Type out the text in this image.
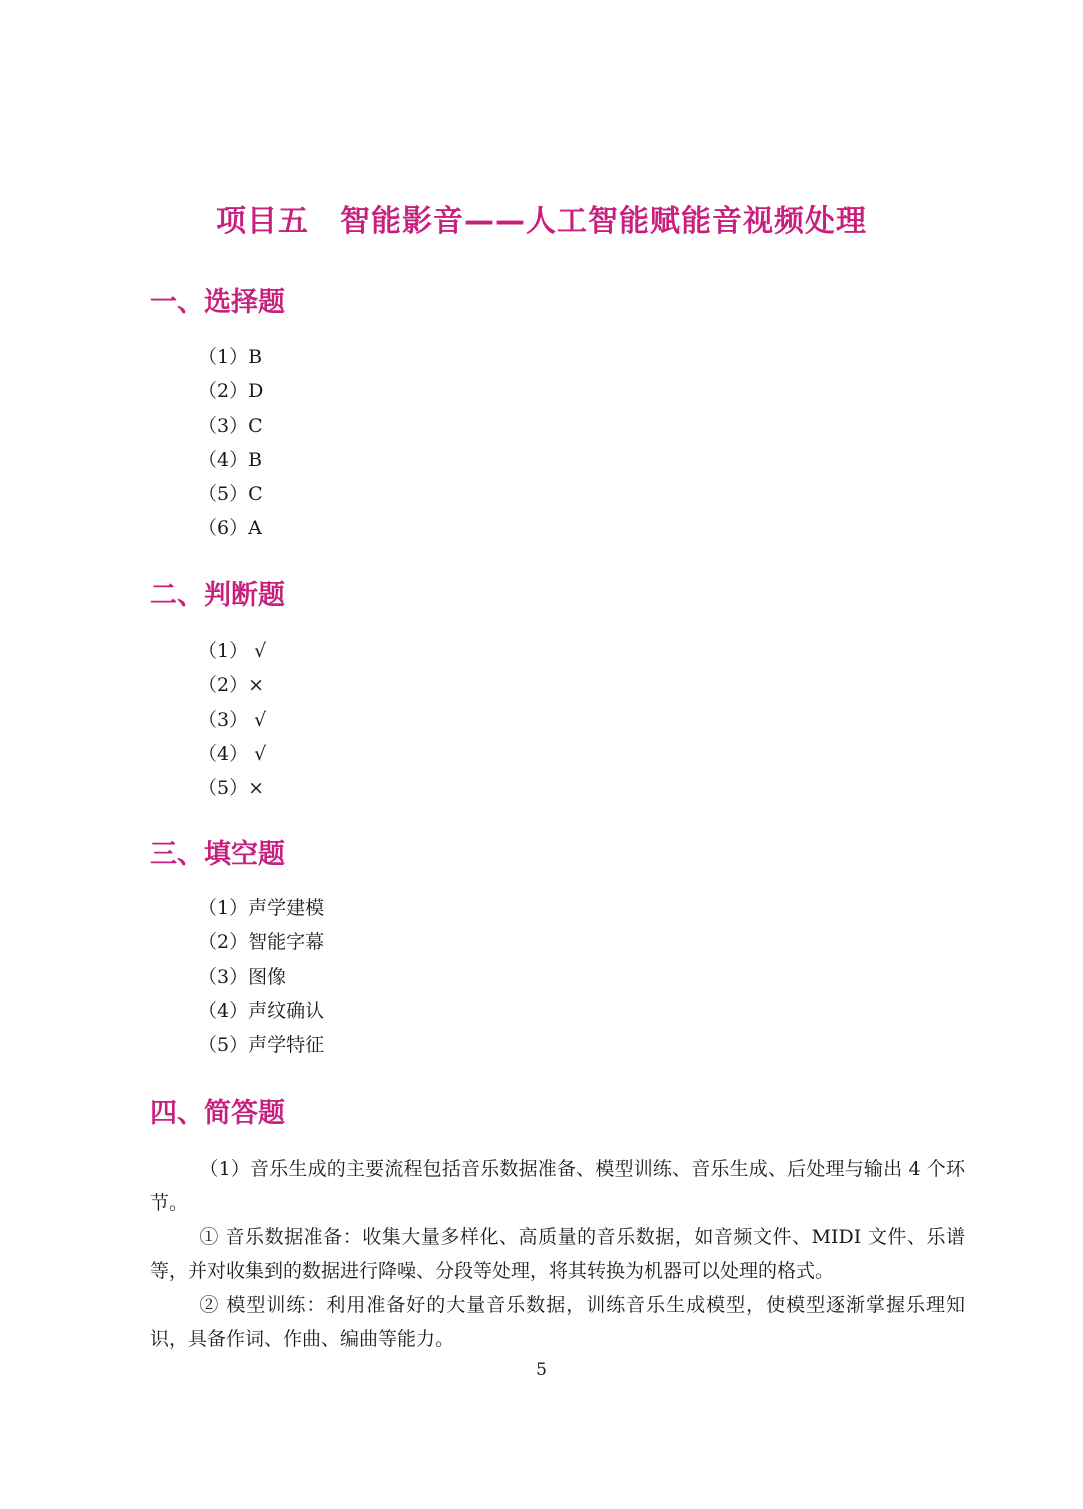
项目五　智能影音——人工智能赋能音视频处理
一、选择题
（1）B
（2）D
（3）C
（4）B
（5）C
（6）A
二、判断题
（1） √
（2）×
（3） √
（4） √
（5）×
三、填空题
（1）声学建模
（2）智能字幕
（3）图像
（4）声纹确认
（5）声学特征
四、简答题

（1）音乐生成的主要流程包括音乐数据准备、模型训练、音乐生成、后处理与输出 4 个环节。

① 音乐数据准备：收集大量多样化、高质量的音乐数据，如音频文件、MIDI 文件、乐谱等，并对收集到的数据进行降噪、分段等处理，将其转换为机器可以处理的格式。

② 模型训练：利用准备好的大量音乐数据，训练音乐生成模型，使模型逐渐掌握乐理知识，具备作词、作曲、编曲等能力。

5
